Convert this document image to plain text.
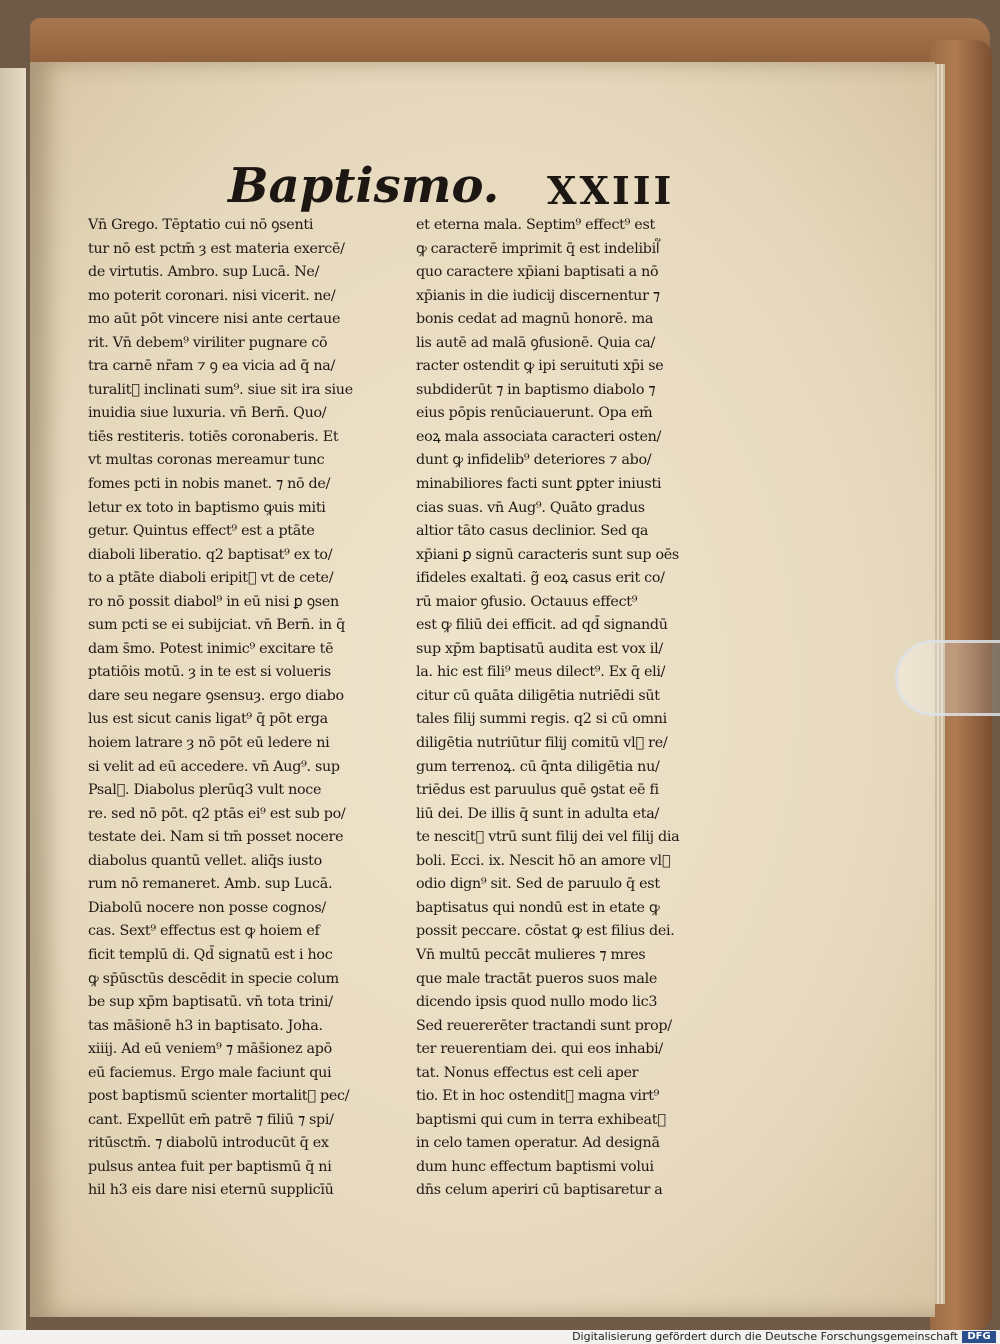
Baptismo. XXIII
Vn̄ Grego. Tēptatio cui nō ꝯsenti
tur nō est pctm̄ ȝ est materia exercē/
de virtutis. Ambro. sup Lucā. Ne/
mo poterit coronari. nisi vicerit. ne/
mo aūt pōt vincere nisi ante certaue
rit. Vn̄ debem⁹ viriliter pugnare cō
tra carnē nr̄am ⁊ ꝯ ea vicia ad q̄ na/
turalit᷑ inclinati sum⁹. siue sit ira siue
inuidia siue luxuria. vn̄ Bern̄. Quo/
tiēs restiteris. totiēs coronaberis. Et
vt multas coronas mereamur tunc
fomes pcti in nobis manet. ⁊ nō de/
letur ex toto in baptismo ꝙuis miti
getur. Quintus effect⁹ est a ptāte
diaboli liberatio. q2 baptisat⁹ ex to/
to a ptāte diaboli eripit᷑ vt de cete/
ro nō possit diabol⁹ in eū nisi ꝑ ꝯsen
sum pcti se ei subijciat. vn̄ Bern̄. in q̄
dam s̄mo. Potest inimic⁹ excitare tē
ptatiōis motū. ȝ in te est si volueris
dare seu negare ꝯsensuȝ. ergo diabo
lus est sicut canis ligat⁹ q̄ pōt erga
hoiem latrare ȝ nō pōt eū ledere ni
si velit ad eū accedere. vn̄ Aug⁹. sup
Psal᷑. Diabolus plerūq3 vult noce
re. sed nō pōt. q2 ptās ei⁹ est sub po/
testate dei. Nam si tm̄ posset nocere
diabolus quantū vellet. aliq̄s iusto
rum nō remaneret. Amb. sup Lucā.
Diabolū nocere non posse cognos/
cas. Sext⁹ effectus est ꝙ hoiem ef
ficit templū di. Qd̄ signatū est i hoc
ꝙ sp̄ūsctūs descēdit in specie colum
be sup xp̄m baptisatū. vn̄ tota trini/
tas mās̄ionē h3 in baptisato. Joha.
xiiij. Ad eū veniem⁹ ⁊ mās̄ionez apō
eū faciemus. Ergo male faciunt qui
post baptismū scienter mortalit᷑ pec/
cant. Expellūt em̄ patrē ⁊ filiū ⁊ spi/
ritūsctm̄. ⁊ diabolū introducūt q̄ ex
pulsus antea fuit per baptismū q̄ ni
hil h3 eis dare nisi eternū supplicīū
et eterna mala. Septim⁹ effect⁹ est
ꝙ caracterē imprimit q̄ est indelibil᷑
quo caractere xp̄iani baptisati a nō
xp̄ianis in die iudicij discernentur ⁊
bonis cedat ad magnū honorē. ma
lis autē ad malā ꝯfusionē. Quia ca/
racter ostendit ꝙ ipi seruituti xp̄i se
subdiderūt ⁊ in baptismo diabolo ⁊
eius pōpis renūciauerunt. Opa em̄
eoꝝ mala associata caracteri osten/
dunt ꝙ infidelib⁹ deteriores ⁊ abo/
minabiliores facti sunt ꝑpter iniusti
cias suas. vn̄ Aug⁹. Quāto gradus
altior tāto casus declinior. Sed qa
xp̄iani ꝑ signū caracteris sunt sup oēs
ifideles exaltati. g̃ eoꝝ casus erit co/
rū maior ꝯfusio. Octauus effect⁹
est ꝙ filiū dei efficit. ad qd̄ signandū
sup xp̄m baptisatū audita est vox il/
la. hic est fili⁹ meus dilect⁹. Ex q̄ eli/
citur cū quāta diligētia nutriēdi sūt
tales filij summi regis. q2 si cū omni
diligētia nutriūtur filij comitū vl᷑ re/
gum terrenoꝝ. cū q̄nta diligētia nu/
triēdus est paruulus quē ꝯstat eē fi
liū dei. De illis q̄ sunt in adulta eta/
te nescit᷑ vtrū sunt filij dei vel filij dia
boli. Ecci. ix. Nescit hō an amore vl᷑
odio dign⁹ sit. Sed de paruulo q̄ est
baptisatus qui nondū est in etate ꝙ
possit peccare. cōstat ꝙ est filius dei.
Vn̄ multū peccāt mulieres ⁊ mres
que male tractāt pueros suos male
dicendo ipsis quod nullo modo lic3
Sed reuererēter tractandi sunt prop/
ter reuerentiam dei. qui eos inhabi/
tat. Nonus effectus est celi aper
tio. Et in hoc ostendit᷑ magna virt⁹
baptismi qui cum in terra exhibeat᷑
in celo tamen operatur. Ad designā
dum hunc effectum baptismi volui
dn̄s celum aperiri cū baptisaretur a

Digitalisierung gefördert durch die Deutsche Forschungsgemeinschaft DFG
